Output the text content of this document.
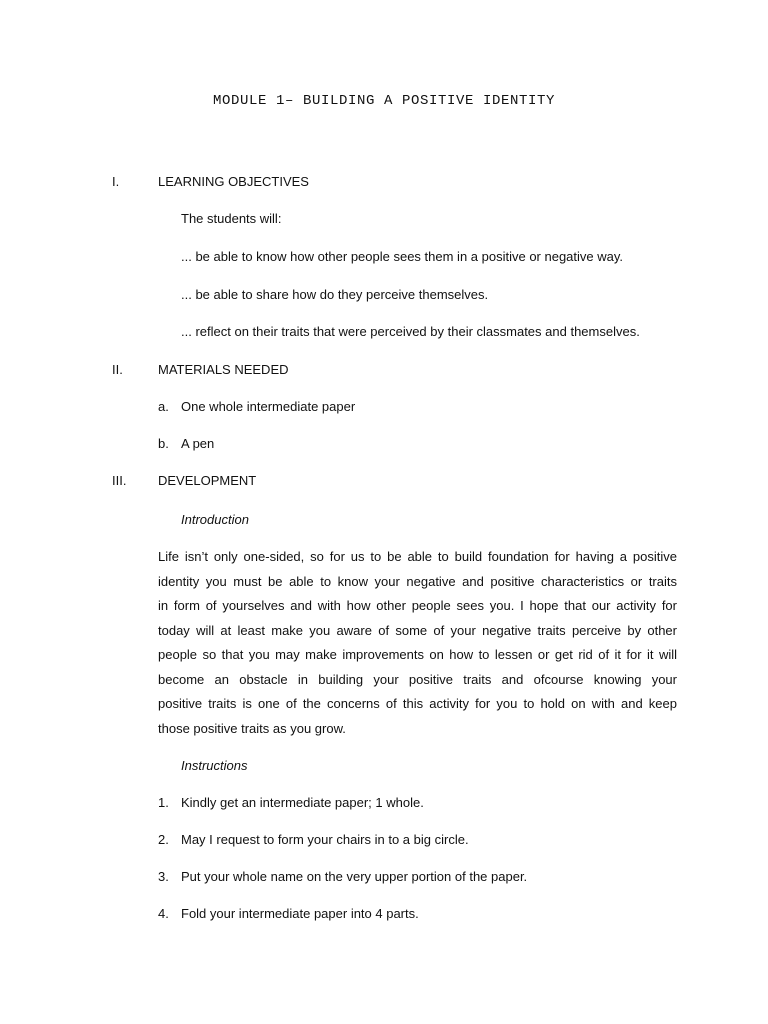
MODULE 1– BUILDING A POSITIVE IDENTITY
I.	LEARNING OBJECTIVES
The students will:
... be able to know how other people sees them in a positive or negative way.
... be able to share how do they perceive themselves.
... reflect on their traits that were perceived by their classmates and themselves.
II.	MATERIALS NEEDED
a. One whole intermediate paper
b. A pen
III. DEVELOPMENT
Introduction
Life isn’t only one-sided, so for us to be able to build foundation for having a positive
identity you must be able to know your negative and positive characteristics or traits
in form of yourselves and with how other people sees you. I hope that our activity for
today will at least make you aware of some of your negative traits perceive by other
people so that you may make improvements on how to lessen or get rid of it for it will
become an obstacle in building your positive traits and ofcourse knowing your
positive traits is one of the concerns of this activity for you to hold on with and keep
those positive traits as you grow.
Instructions
1. Kindly get an intermediate paper; 1 whole.
2. May I request to form your chairs in to a big circle.
3. Put your whole name on the very upper portion of the paper.
4. Fold your intermediate paper into 4 parts.
